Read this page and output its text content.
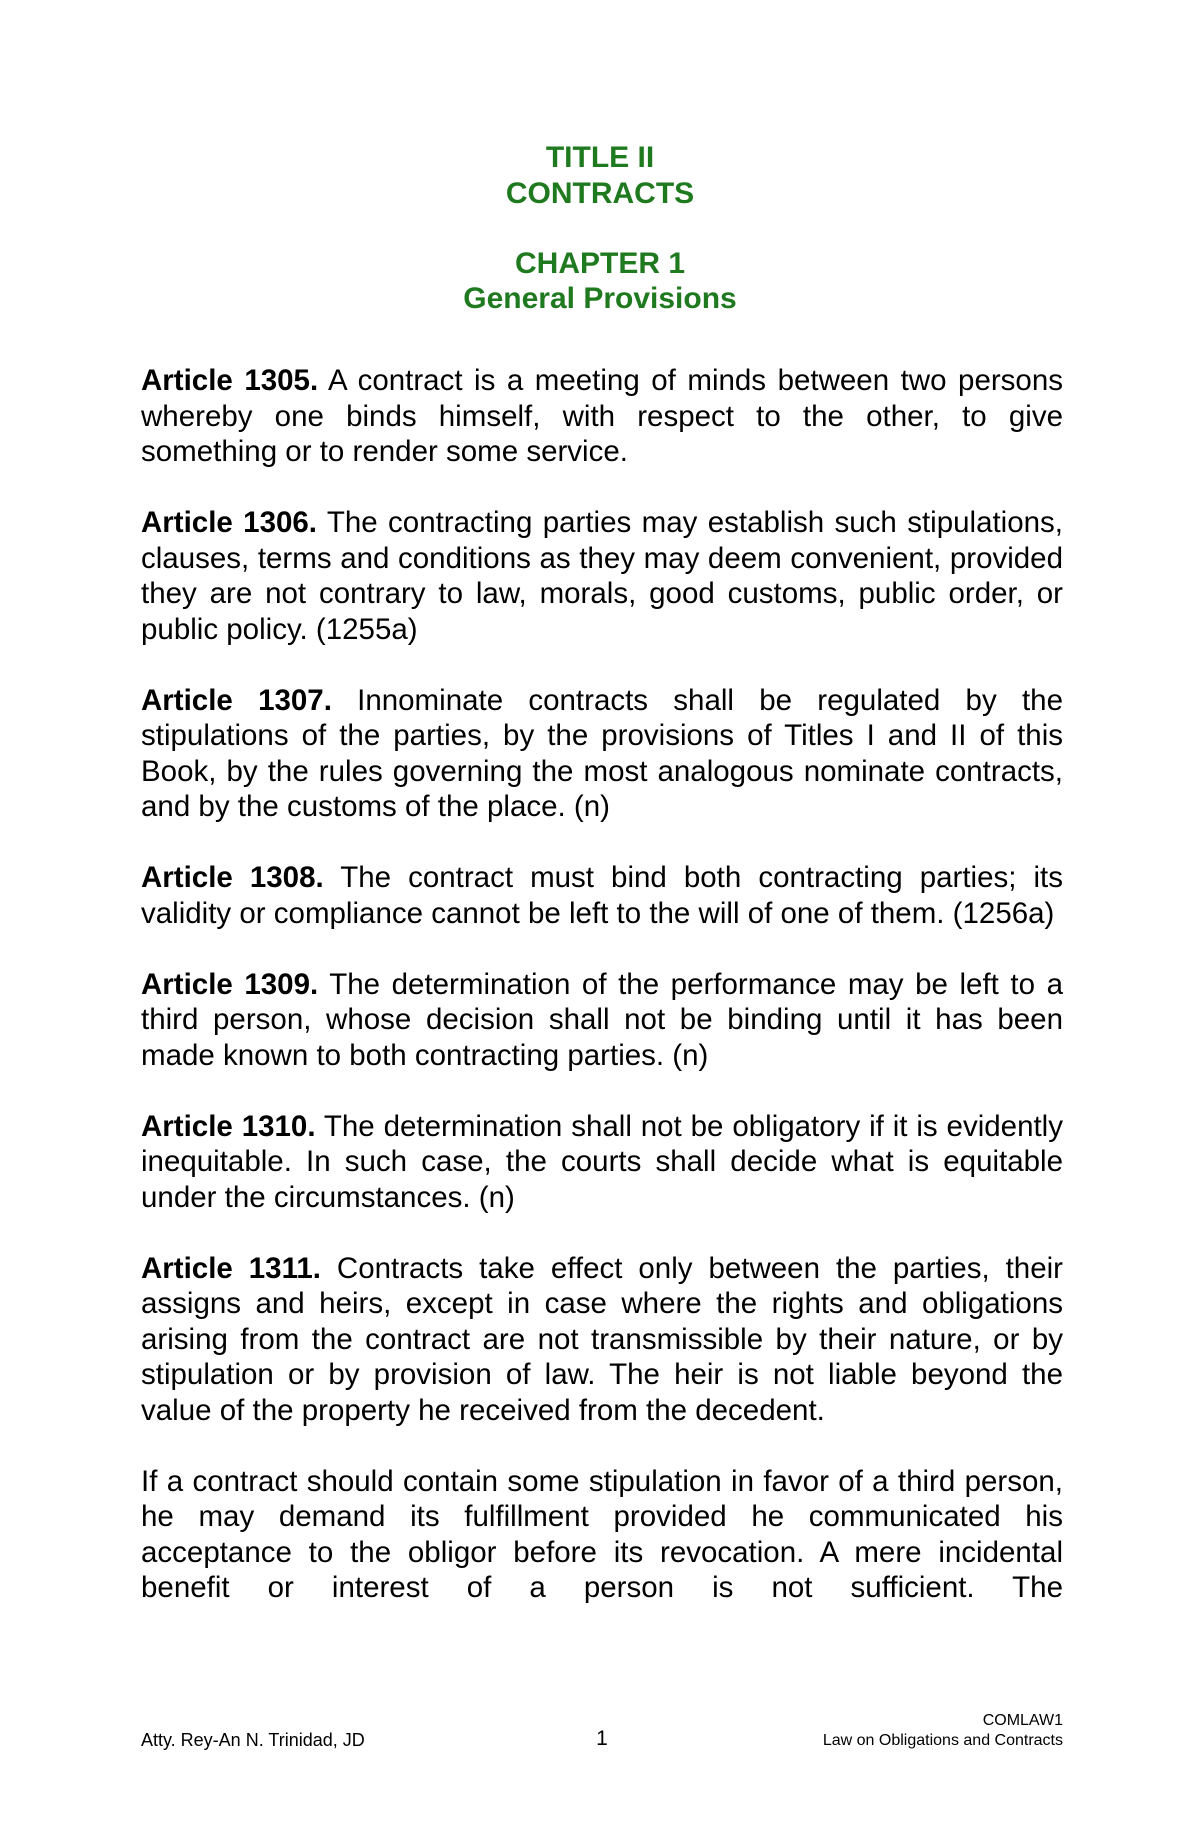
TITLE II
CONTRACTS
CHAPTER 1
General Provisions

Article 1305. A contract is a meeting of minds between two persons whereby one binds himself, with respect to the other, to give something or to render some service.

Article 1306. The contracting parties may establish such stipulations, clauses, terms and conditions as they may deem convenient, provided they are not contrary to law, morals, good customs, public order, or public policy. (1255a)

Article 1307. Innominate contracts shall be regulated by the stipulations of the parties, by the provisions of Titles I and II of this Book, by the rules governing the most analogous nominate contracts, and by the customs of the place. (n)

Article 1308. The contract must bind both contracting parties; its validity or compliance cannot be left to the will of one of them. (1256a)

Article 1309. The determination of the performance may be left to a third person, whose decision shall not be binding until it has been made known to both contracting parties. (n)

Article 1310. The determination shall not be obligatory if it is evidently inequitable. In such case, the courts shall decide what is equitable under the circumstances. (n)

Article 1311. Contracts take effect only between the parties, their assigns and heirs, except in case where the rights and obligations arising from the contract are not transmissible by their nature, or by stipulation or by provision of law. The heir is not liable beyond the value of the property he received from the decedent.

If a contract should contain some stipulation in favor of a third person, he may demand its fulfillment provided he communicated his acceptance to the obligor before its revocation. A mere incidental benefit or interest of a person is not sufficient. The

Atty. Rey-An N. Trinidad, JD	1
COMLAW1
Law on Obligations and Contracts
